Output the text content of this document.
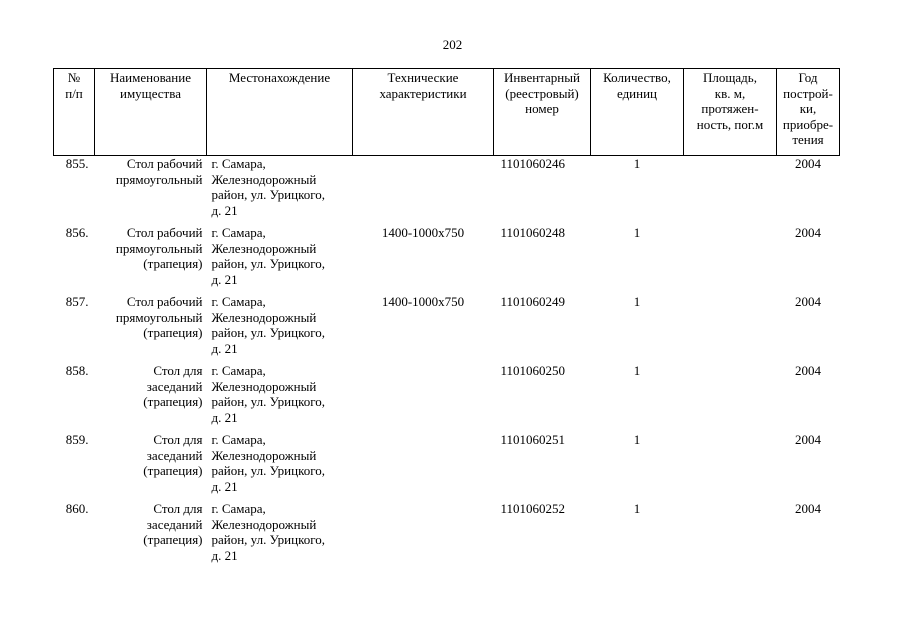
202
№
п/п	Наименование
имущества	Местонахождение	Технические
характеристики	Инвентарный
(реестровый)
номер	Количество,
единиц	Площадь,
кв. м,
протяжен-
ность, пог.м	Год
построй-
ки,
приобре-
тения
855.	Стол рабочий
прямоугольный	г. Самара,
Железнодорожный
район, ул. Урицкого,
д. 21		1101060246	1		2004
856.	Стол рабочий
прямоугольный
(трапеция)	г. Самара,
Железнодорожный
район, ул. Урицкого,
д. 21	1400-1000х750	1101060248	1		2004
857.	Стол рабочий
прямоугольный
(трапеция)	г. Самара,
Железнодорожный
район, ул. Урицкого,
д. 21	1400-1000х750	1101060249	1		2004
858.	Стол для
заседаний
(трапеция)	г. Самара,
Железнодорожный
район, ул. Урицкого,
д. 21		1101060250	1		2004
859.	Стол для
заседаний
(трапеция)	г. Самара,
Железнодорожный
район, ул. Урицкого,
д. 21		1101060251	1		2004
860.	Стол для
заседаний
(трапеция)	г. Самара,
Железнодорожный
район, ул. Урицкого,
д. 21		1101060252	1		2004
